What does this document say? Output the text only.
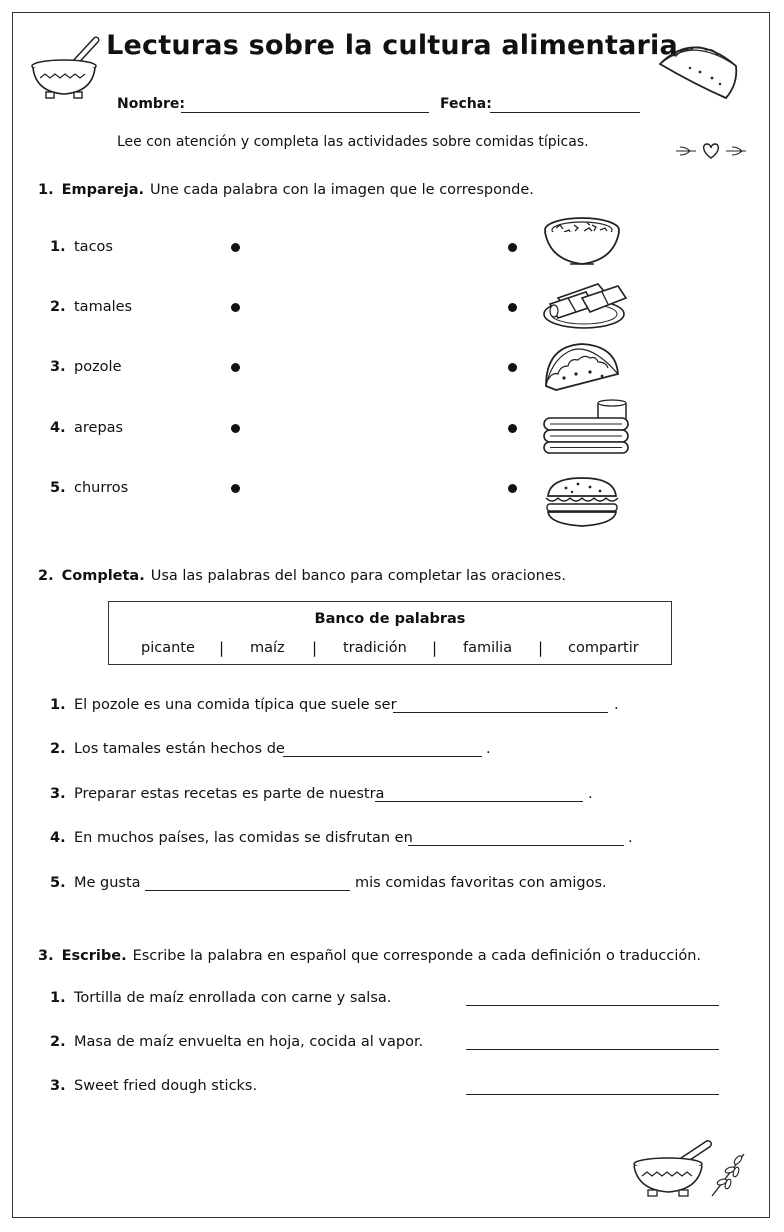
Lecturas sobre la cultura alimentaria
Nombre:	Fecha:
Lee con atención y completa las actividades sobre comidas típicas.
1. Empareja. Une cada palabra con la imagen que le corresponde.
1. tacos
2. tamales
3. pozole
4. arepas
5. churros
2. Completa. Usa las palabras del banco para completar las oraciones.
Banco de palabras
picante | maíz | tradición | familia | compartir
1. El pozole es una comida típica que suele ser	.
2. Los tamales están hechos de	.
3. Preparar estas recetas es parte de nuestra	.
4. En muchos países, las comidas se disfrutan en	.
5. Me gusta	mis comidas favoritas con amigos.
3. Escribe. Escribe la palabra en español que corresponde a cada definición o traducción.
1. Tortilla de maíz enrollada con carne y salsa.
2. Masa de maíz envuelta en hoja, cocida al vapor.
3. Sweet fried dough sticks.
